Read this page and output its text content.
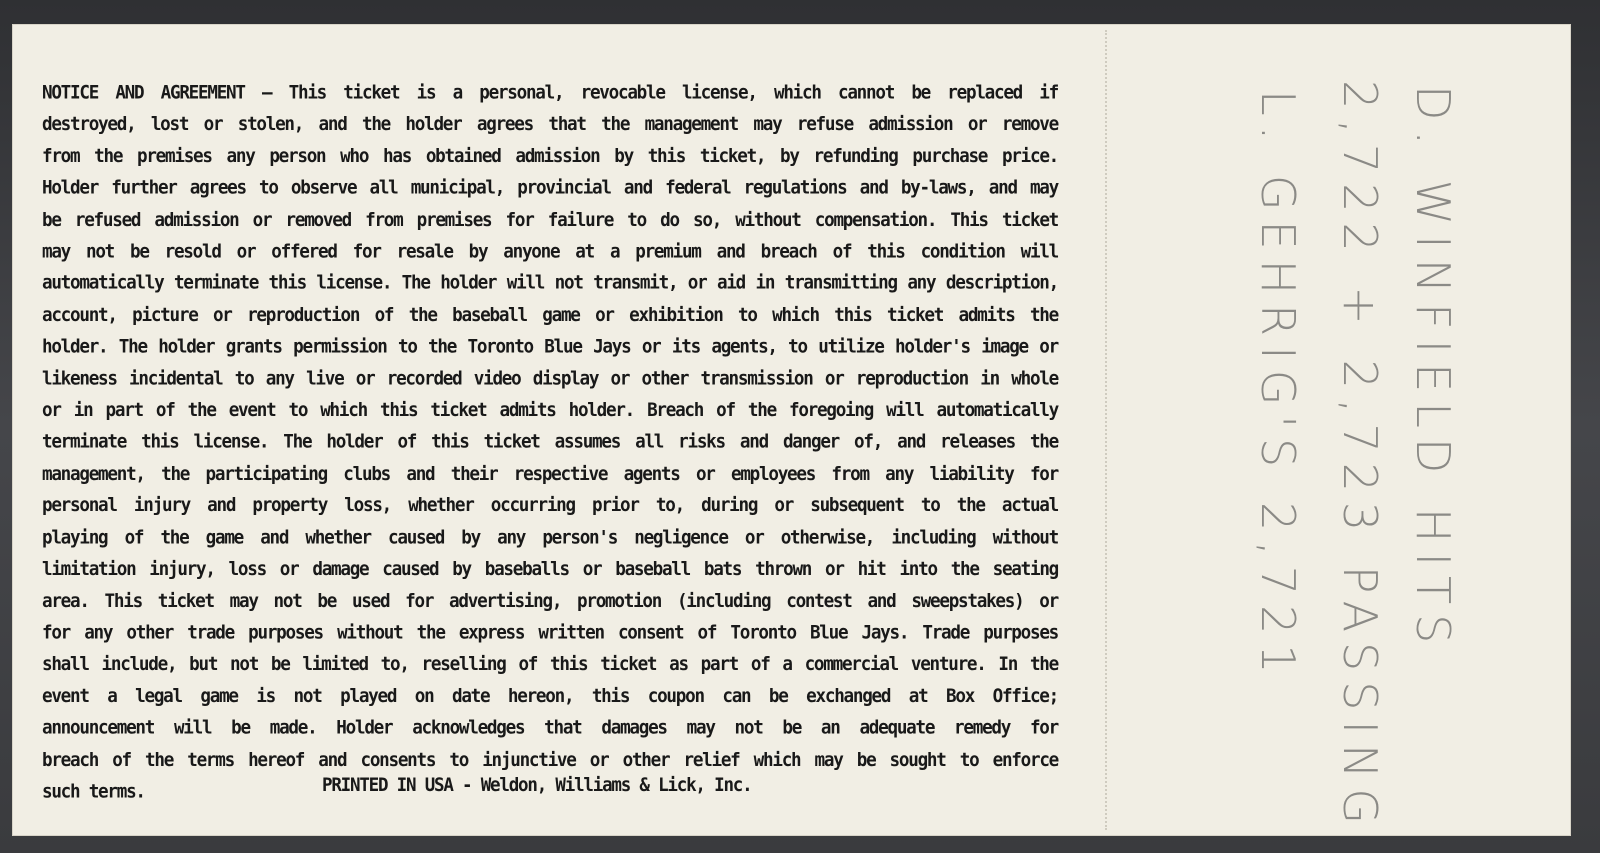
NOTICE AND AGREEMENT — This ticket is a personal, revocable license, which cannot be replaced if
destroyed, lost or stolen, and the holder agrees that the management may refuse admission or remove
from the premises any person who has obtained admission by this ticket, by refunding purchase price.
Holder further agrees to observe all municipal, provincial and federal regulations and by-laws, and may
be refused admission or removed from premises for failure to do so, without compensation. This ticket
may not be resold or offered for resale by anyone at a premium and breach of this condition will
automatically terminate this license. The holder will not transmit, or aid in transmitting any description,
account, picture or reproduction of the baseball game or exhibition to which this ticket admits the
holder. The holder grants permission to the Toronto Blue Jays or its agents, to utilize holder's image or
likeness incidental to any live or recorded video display or other transmission or reproduction in whole
or in part of the event to which this ticket admits holder. Breach of the foregoing will automatically
terminate this license. The holder of this ticket assumes all risks and danger of, and releases the
management, the participating clubs and their respective agents or employees from any liability for
personal injury and property loss, whether occurring prior to, during or subsequent to the actual
playing of the game and whether caused by any person's negligence or otherwise, including without
limitation injury, loss or damage caused by baseballs or baseball bats thrown or hit into the seating
area. This ticket may not be used for advertising, promotion (including contest and sweepstakes) or
for any other trade purposes without the express written consent of Toronto Blue Jays. Trade purposes
shall include, but not be limited to, reselling of this ticket as part of a commercial venture. In the
event a legal game is not played on date hereon, this coupon can be exchanged at Box Office;
announcement will be made. Holder acknowledges that damages may not be an adequate remedy for
breach of the terms hereof and consents to injunctive or other relief which may be sought to enforce
such terms.	PRINTED IN USA - Weldon, Williams & Lick, Inc.
D. WINFIELD HITS
2,722 + 2,723 PASSING
L. GEHRIG'S 2,721
